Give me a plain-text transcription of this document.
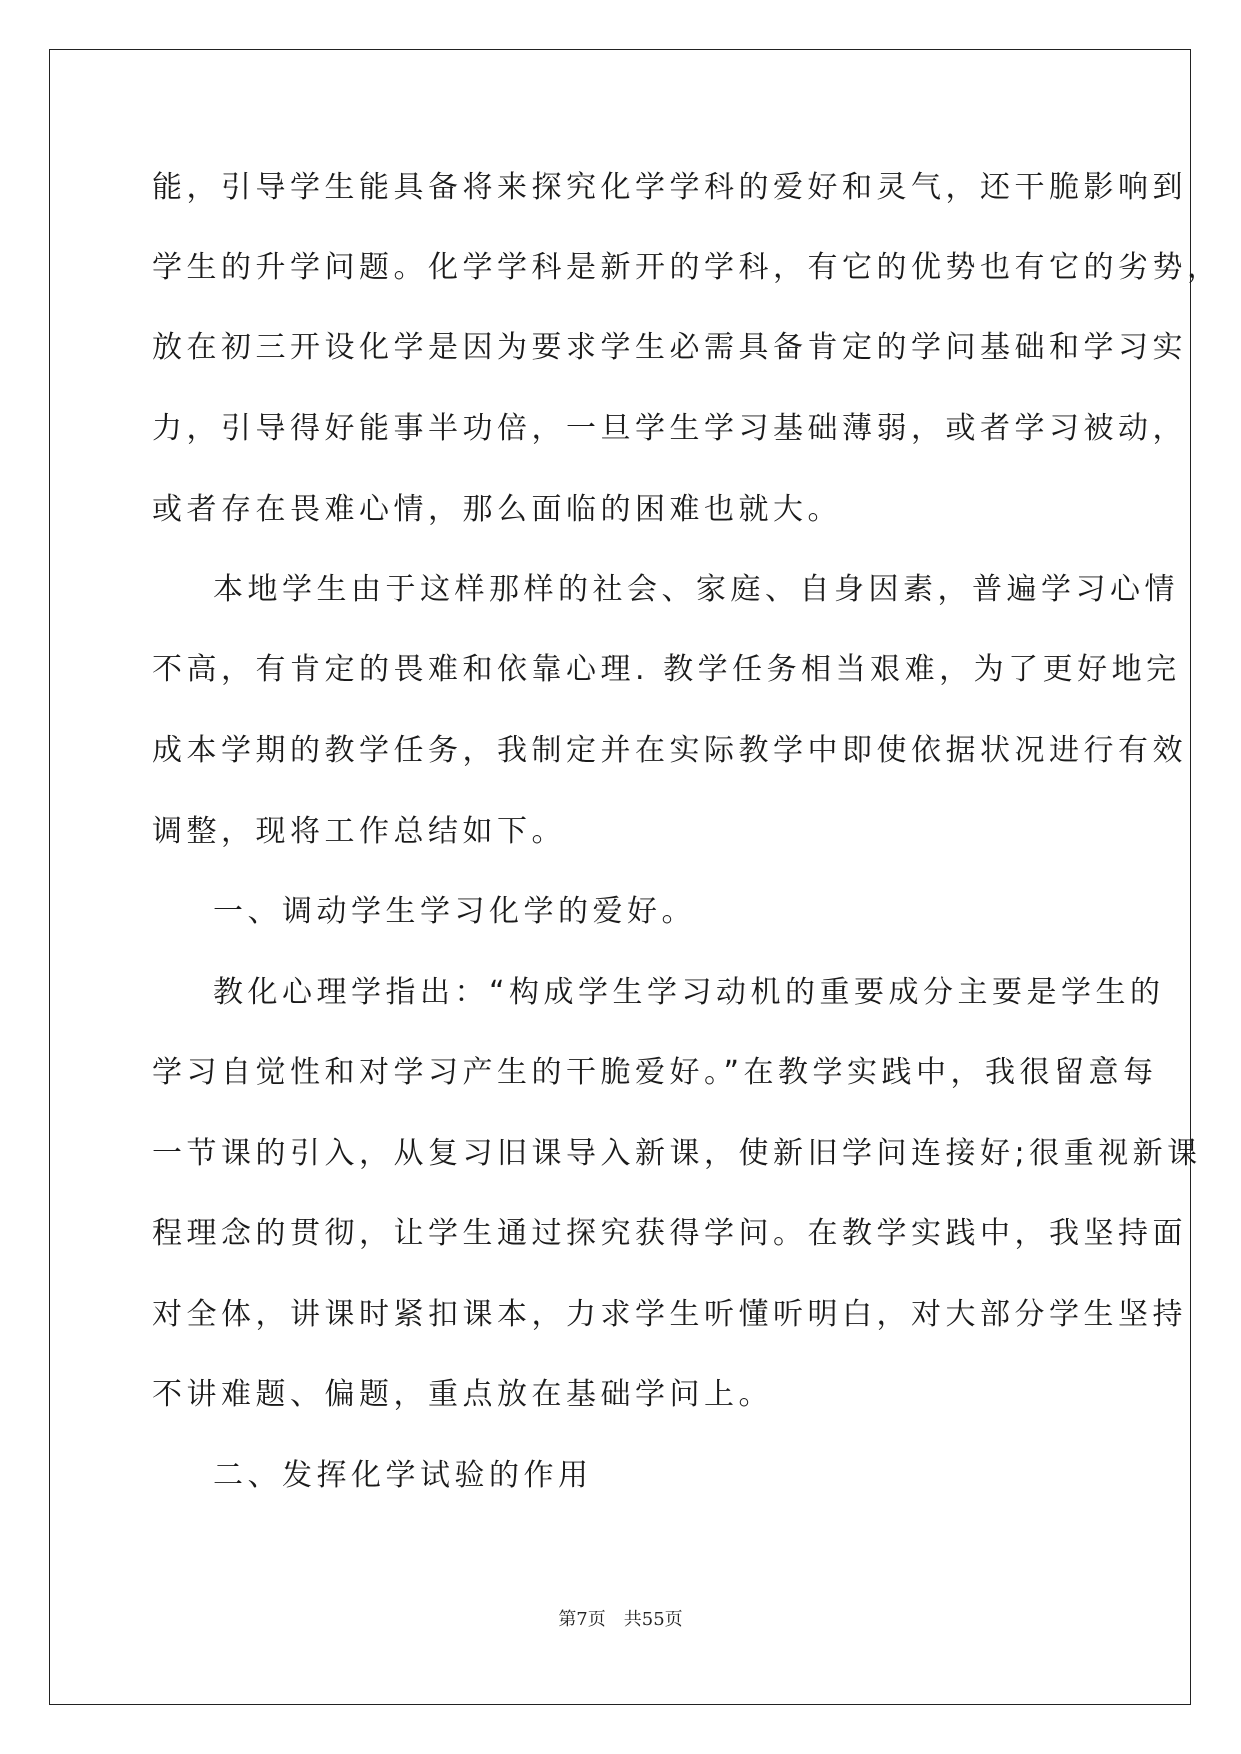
能，引导学生能具备将来探究化学学科的爱好和灵气，还干脆影响到
学生的升学问题。化学学科是新开的学科，有它的优势也有它的劣势，
放在初三开设化学是因为要求学生必需具备肯定的学问基础和学习实
力，引导得好能事半功倍，一旦学生学习基础薄弱，或者学习被动，
或者存在畏难心情，那么面临的困难也就大。
本地学生由于这样那样的社会、家庭、自身因素，普遍学习心情
不高，有肯定的畏难和依靠心理. 教学任务相当艰难，为了更好地完
成本学期的教学任务，我制定并在实际教学中即使依据状况进行有效
调整，现将工作总结如下。
一、调动学生学习化学的爱好。
教化心理学指出：“构成学生学习动机的重要成分主要是学生的
学习自觉性和对学习产生的干脆爱好。”在教学实践中，我很留意每
一节课的引入，从复习旧课导入新课，使新旧学问连接好;很重视新课
程理念的贯彻，让学生通过探究获得学问。在教学实践中，我坚持面
对全体，讲课时紧扣课本，力求学生听懂听明白，对大部分学生坚持
不讲难题、偏题，重点放在基础学问上。
二、发挥化学试验的作用
第7页 共55页
